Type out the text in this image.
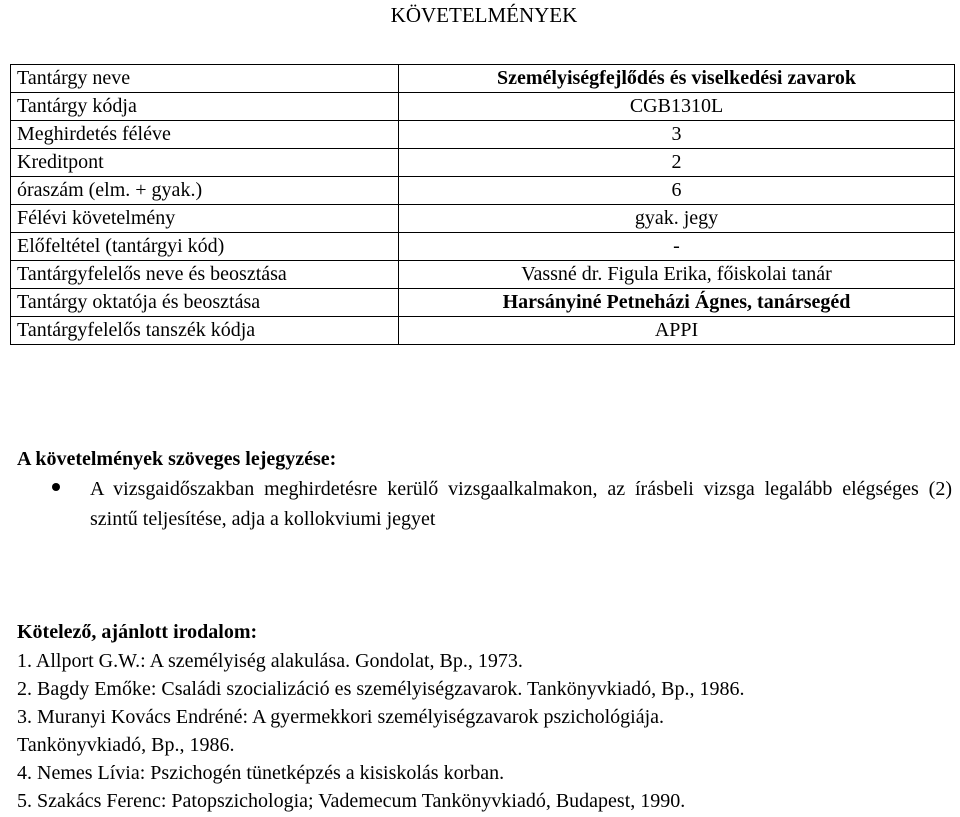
KÖVETELMÉNYEK
Tantárgy neve	Személyiségfejlődés és viselkedési zavarok
Tantárgy kódja	CGB1310L
Meghirdetés féléve	3
Kreditpont	2
óraszám (elm. + gyak.)	6
Félévi követelmény	gyak. jegy
Előfeltétel (tantárgyi kód)	-
Tantárgyfelelős neve és beosztása	Vassné dr. Figula Erika, főiskolai tanár
Tantárgy oktatója és beosztása	Harsányiné Petneházi Ágnes, tanársegéd
Tantárgyfelelős tanszék kódja	APPI
A követelmények szöveges lejegyzése:
A vizsgaidőszakban meghirdetésre kerülő vizsgaalkalmakon, az írásbeli vizsga legalább elégséges (2) szintű teljesítése, adja a kollokviumi jegyet
Kötelező, ajánlott irodalom:
1. Allport G.W.: A személyiség alakulása. Gondolat, Bp., 1973.
2. Bagdy Emőke: Családi szocializáció es személyiségzavarok. Tankönyvkiadó, Bp., 1986.
3. Muranyi Kovács Endréné: A gyermekkori személyiségzavarok pszichológiája.
Tankönyvkiadó, Bp., 1986.
4. Nemes Lívia: Pszichogén tünetképzés a kisiskolás korban.
5. Szakács Ferenc: Patopszichologia; Vademecum Tankönyvkiadó, Budapest, 1990.
